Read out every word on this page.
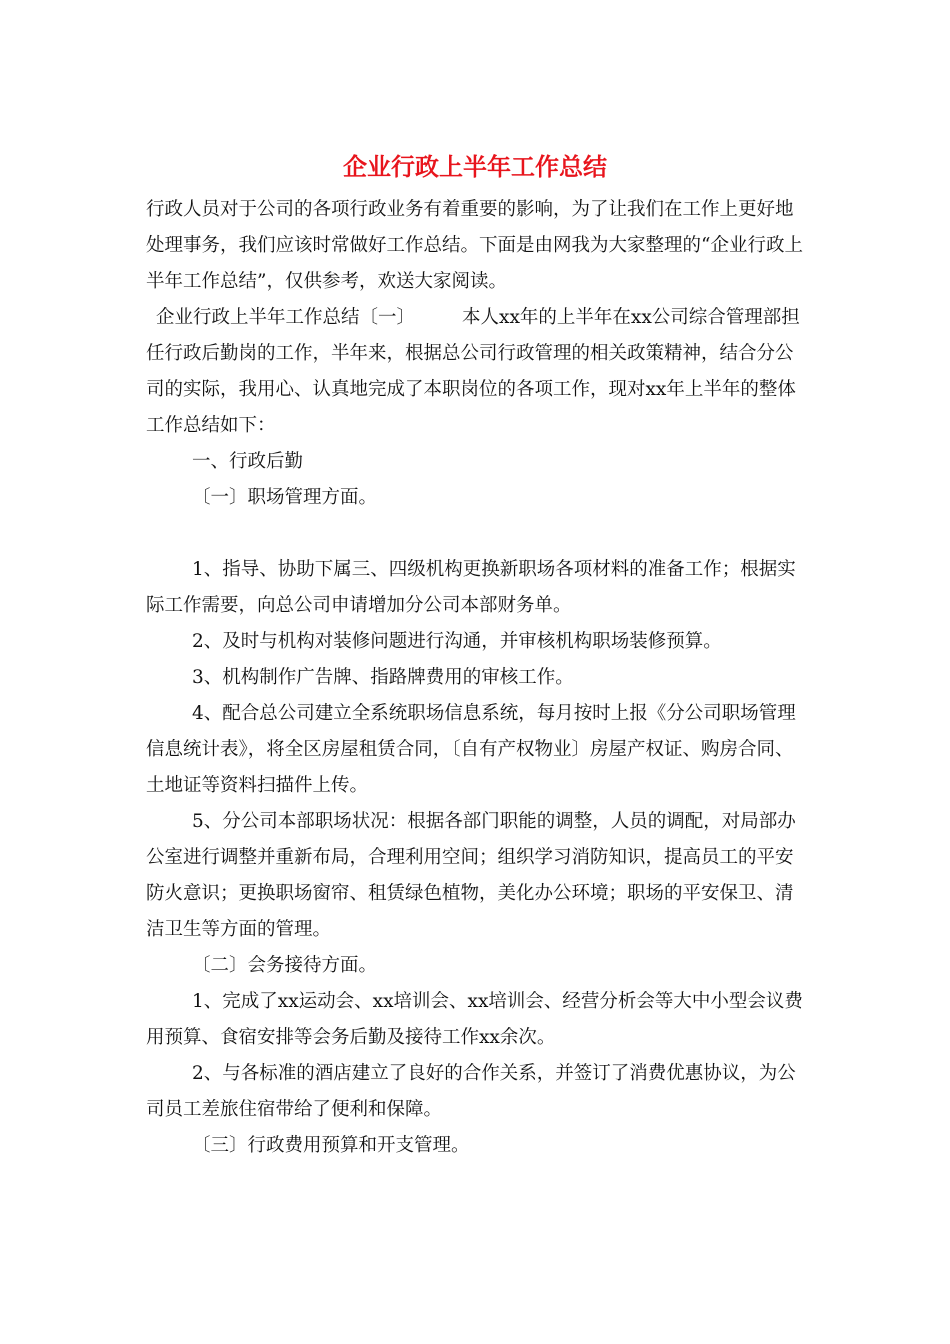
企业行政上半年工作总结

行政人员对于公司的各项行政业务有着重要的影响，为了让我们在工作上更好地处理事务，我们应该时常做好工作总结。下面是由网我为大家整理的“企业行政上半年工作总结”，仅供参考，欢送大家阅读。

企业行政上半年工作总结〔一〕        本人xx年的上半年在xx公司综合管理部担任行政后勤岗的工作，半年来，根据总公司行政管理的相关政策精神，结合分公司的实际，我用心、认真地完成了本职岗位的各项工作，现对xx年上半年的整体工作总结如下：

一、行政后勤

〔一〕职场管理方面。

1、指导、协助下属三、四级机构更换新职场各项材料的准备工作；根据实际工作需要，向总公司申请增加分公司本部财务单。

2、及时与机构对装修问题进行沟通，并审核机构职场装修预算。

3、机构制作广告牌、指路牌费用的审核工作。

4、配合总公司建立全系统职场信息系统，每月按时上报《分公司职场管理信息统计表》，将全区房屋租赁合同，〔自有产权物业〕房屋产权证、购房合同、土地证等资料扫描件上传。

5、分公司本部职场状况：根据各部门职能的调整，人员的调配，对局部办公室进行调整并重新布局，合理利用空间；组织学习消防知识，提高员工的平安防火意识；更换职场窗帘、租赁绿色植物，美化办公环境；职场的平安保卫、清洁卫生等方面的管理。

〔二〕会务接待方面。

1、完成了xx运动会、xx培训会、xx培训会、经营分析会等大中小型会议费用预算、食宿安排等会务后勤及接待工作xx余次。

2、与各标准的酒店建立了良好的合作关系，并签订了消费优惠协议，为公司员工差旅住宿带给了便利和保障。

〔三〕行政费用预算和开支管理。
